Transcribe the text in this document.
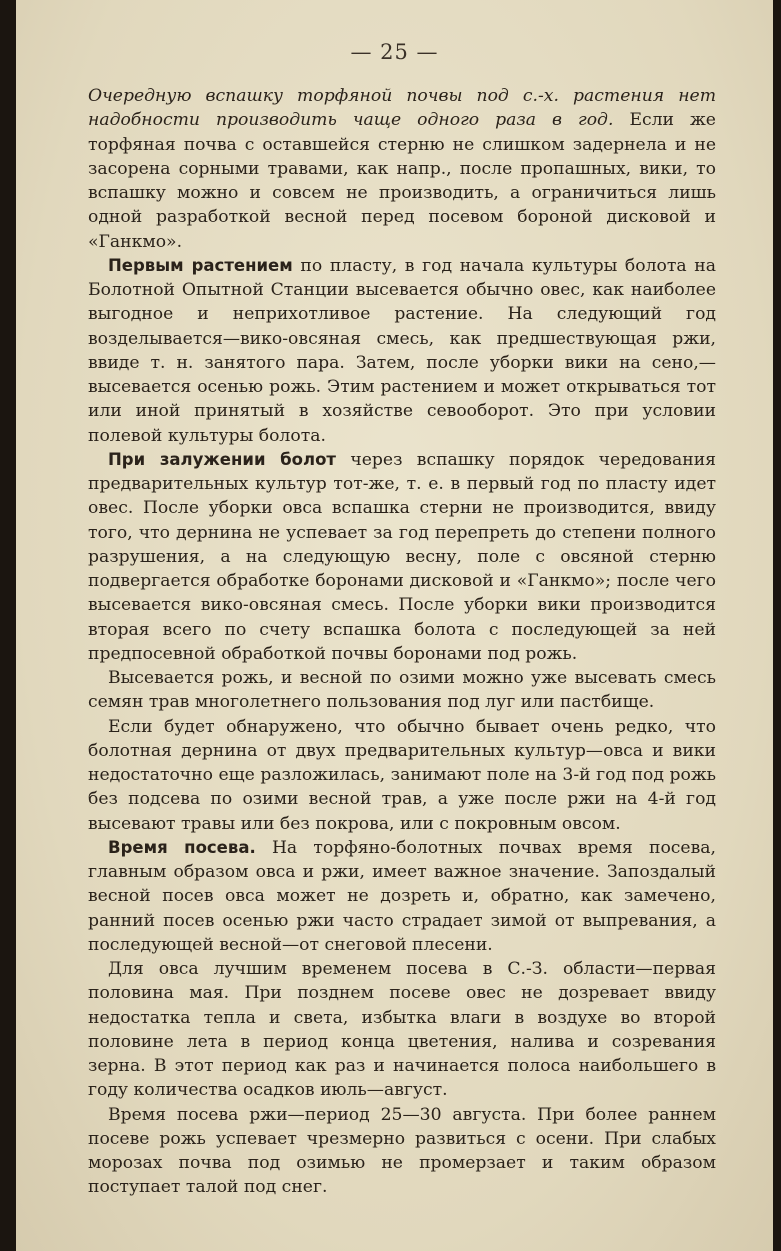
— 25 —

Очередную вспашку торфяной почвы под с.-х. растения нет надобности производить чаще одного раза в год. Если же торфяная почва с оставшейся стерню не слишком задернела и не засорена сорными травами, как напр., после пропашных, вики, то вспашку можно и совсем не производить, а ограничиться лишь одной разработкой весной перед посевом бороной дисковой и «Ганкмо».

Первым растением по пласту, в год начала культуры болота на Болотной Опытной Станции высевается обычно овес, как наиболее выгодное и неприхотливое растение. На следующий год возделывается—вико-овсяная смесь, как предшествующая ржи, ввиде т. н. занятого пара. Затем, после уборки вики на сено,—высевается осенью рожь. Этим растением и может открываться тот или иной принятый в хозяйстве севооборот. Это при условии полевой культуры болота.

При залужении болот через вспашку порядок чередования предварительных культур тот-же, т. е. в первый год по пласту идет овес. После уборки овса вспашка стерни не производится, ввиду того, что дернина не успевает за год перепреть до степени полного разрушения, а на следующую весну, поле с овсяной стерню подвергается обработке боронами дисковой и «Ганкмо»; после чего высевается вико-овсяная смесь. После уборки вики производится вторая всего по счету вспашка болота с последующей за ней предпосевной обработкой почвы боронами под рожь.

Высевается рожь, и весной по озими можно уже высевать смесь семян трав многолетнего пользования под луг или пастбище.

Если будет обнаружено, что обычно бывает очень редко, что болотная дернина от двух предварительных культур—овса и вики недостаточно еще разложилась, занимают поле на 3-й год под рожь без подсева по озими весной трав, а уже после ржи на 4-й год высевают травы или без покрова, или с покровным овсом.

Время посева. На торфяно-болотных почвах время посева, главным образом овса и ржи, имеет важное значение. Запоздалый весной посев овса может не дозреть и, обратно, как замечено, ранний посев осенью ржи часто страдает зимой от выпревания, а последующей весной—от снеговой плесени.

Для овса лучшим временем посева в С.-З. области—первая половина мая. При позднем посеве овес не дозревает ввиду недостатка тепла и света, избытка влаги в воздухе во второй половине лета в период конца цветения, налива и созревания зерна. В этот период как раз и начинается полоса наибольшего в году количества осадков июль—август.

Время посева ржи—период 25—30 августа. При более раннем посеве рожь успевает чрезмерно развиться с осени. При слабых морозах почва под озимью не промерзает и таким образом поступает талой под снег.
